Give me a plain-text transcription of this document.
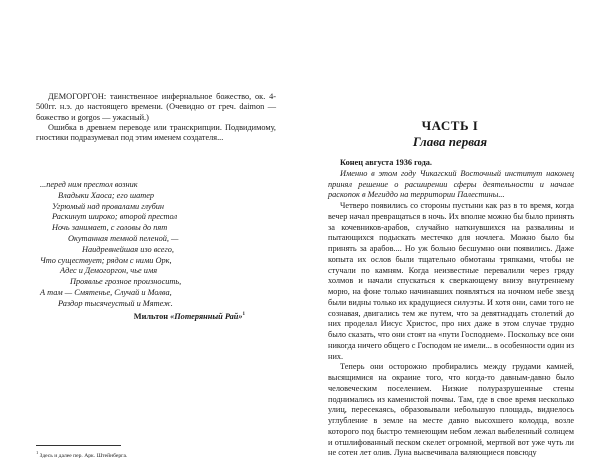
ДЕМОГОРГОН: таинственное инфернальное божество, ок. 4-500гг. н.э. до настоящего времени. (Очевидно от греч. daimon — божество и gorgos — ужасный.)

Ошибка в древнем переводе или транскрипции. Подвидимому, гностики подразумевал под этим именем создателя...

...перед ним престол возник
Владыки Хаоса; его шатер
Угрюмый над провалами глубин
Раскинут широко; второй престол
Ночь занимает, с головы до пят
Окутанная темной пеленой, —
Наидревнейшая изо всего,
Что существует; рядом с ними Орк,
Адес и Демогоргон, чье имя
Проявлье грозное произносить,
А там — Смятенье, Случай и Молва,
Раздор тысячеустый и Мятеж.
Мильтон «Потерянный Рай»$^1$
$^1$ Здесь и далее пер. Арк. Штейнберга.
ЧАСТЬ I
Глава первая

Конец августа 1936 года.

Именно в этом году Чикагский Восточный институт наконец принял решение о расширении сферы деятельности и начале раскопок в Мегиддо на территории Палестины...

Четверо появились со стороны пустыни как раз в то время, когда вечер начал превращаться в ночь. Их вполне можно бы было принять за кочевников-арабов, случайно наткнувшихся на развалины и пытающихся подыскать местечко для ночлега. Можно было бы принять за арабов.... Но уж больно бесшумно они появились. Даже копыта их ослов были тщательно обмотаны тряпками, чтобы не стучали по камням. Когда неизвестные перевалили через гряду холмов и начали спускаться к сверкающему внизу внутреннему морю, на фоне только начинавших появляться на ночном небе звезд были видны только их крадущиеся силуэты. И хотя они, сами того не сознавая, двигались тем же путем, что за девятнадцать столетий до них проделал Иисус Христос, про них даже в этом случае трудно было сказать, что они стоят на «пути Господнем». Поскольку все они никогда ничего общего с Господом не имели... в особенности один из них.

Теперь они осторожно пробирались между грудами камней, высящимися на окраине того, что когда-то давным-давно было человеческим поселением. Низкие полуразрушенные стены поднимались из каменистой почвы. Там, где в свое время несколько улиц, пересекаясь, образовывали небольшую площадь, виднелось углубление в земле на месте давно высохшего колодца, возле которого под быстро темнеющим небом лежал выбеленный солнцем и отшлифованный песком скелет огромной, мертвой вот уже чуть ли не сотен лет олив. Луна высвечивала валяющиеся повсюду
